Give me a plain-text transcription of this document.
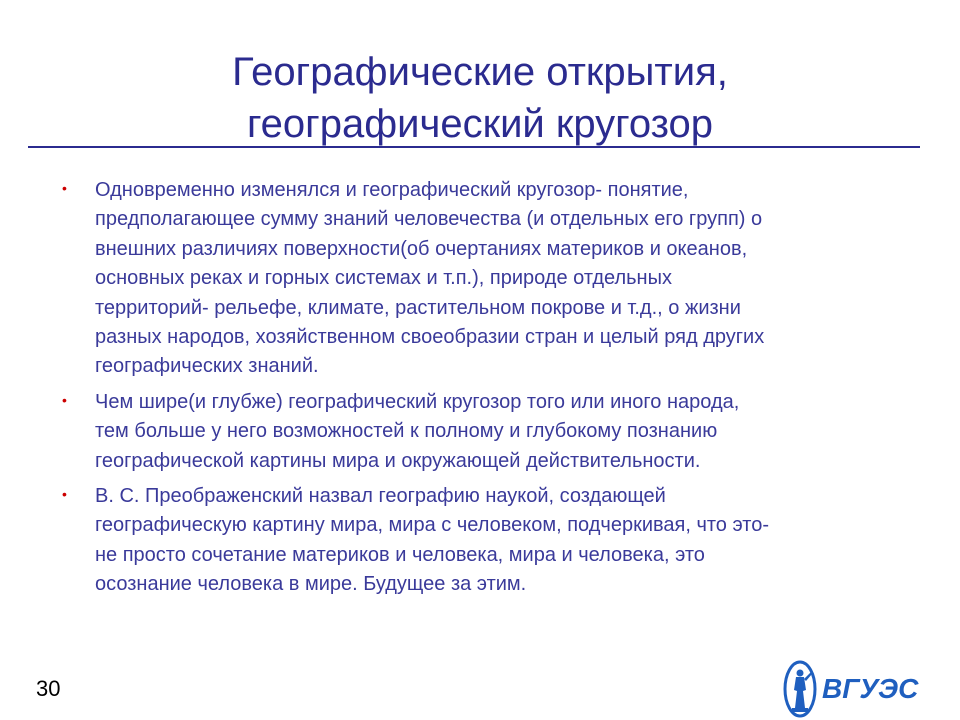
Географические открытия,
географический кругозор
• Одновременно изменялся и географический кругозор- понятие,
предполагающее сумму знаний человечества (и отдельных его групп) о
внешних различиях поверхности(об очертаниях материков и океанов,
основных реках и горных системах и т.п.), природе отдельных
территорий- рельефе, климате, растительном покрове и т.д., о жизни
разных народов, хозяйственном своеобразии стран и целый ряд других
географических знаний.
• Чем шире(и глубже) географический кругозор того или иного народа,
тем больше у него возможностей к полному и глубокому познанию
географической картины мира и окружающей действительности.
• В. С. Преображенский назвал географию наукой, создающей
географическую картину мира, мира с человеком, подчеркивая, что это-
не просто сочетание материков и человека, мира и человека, это
осознание человека в мире. Будущее за этим.
30	ВГУЭС
